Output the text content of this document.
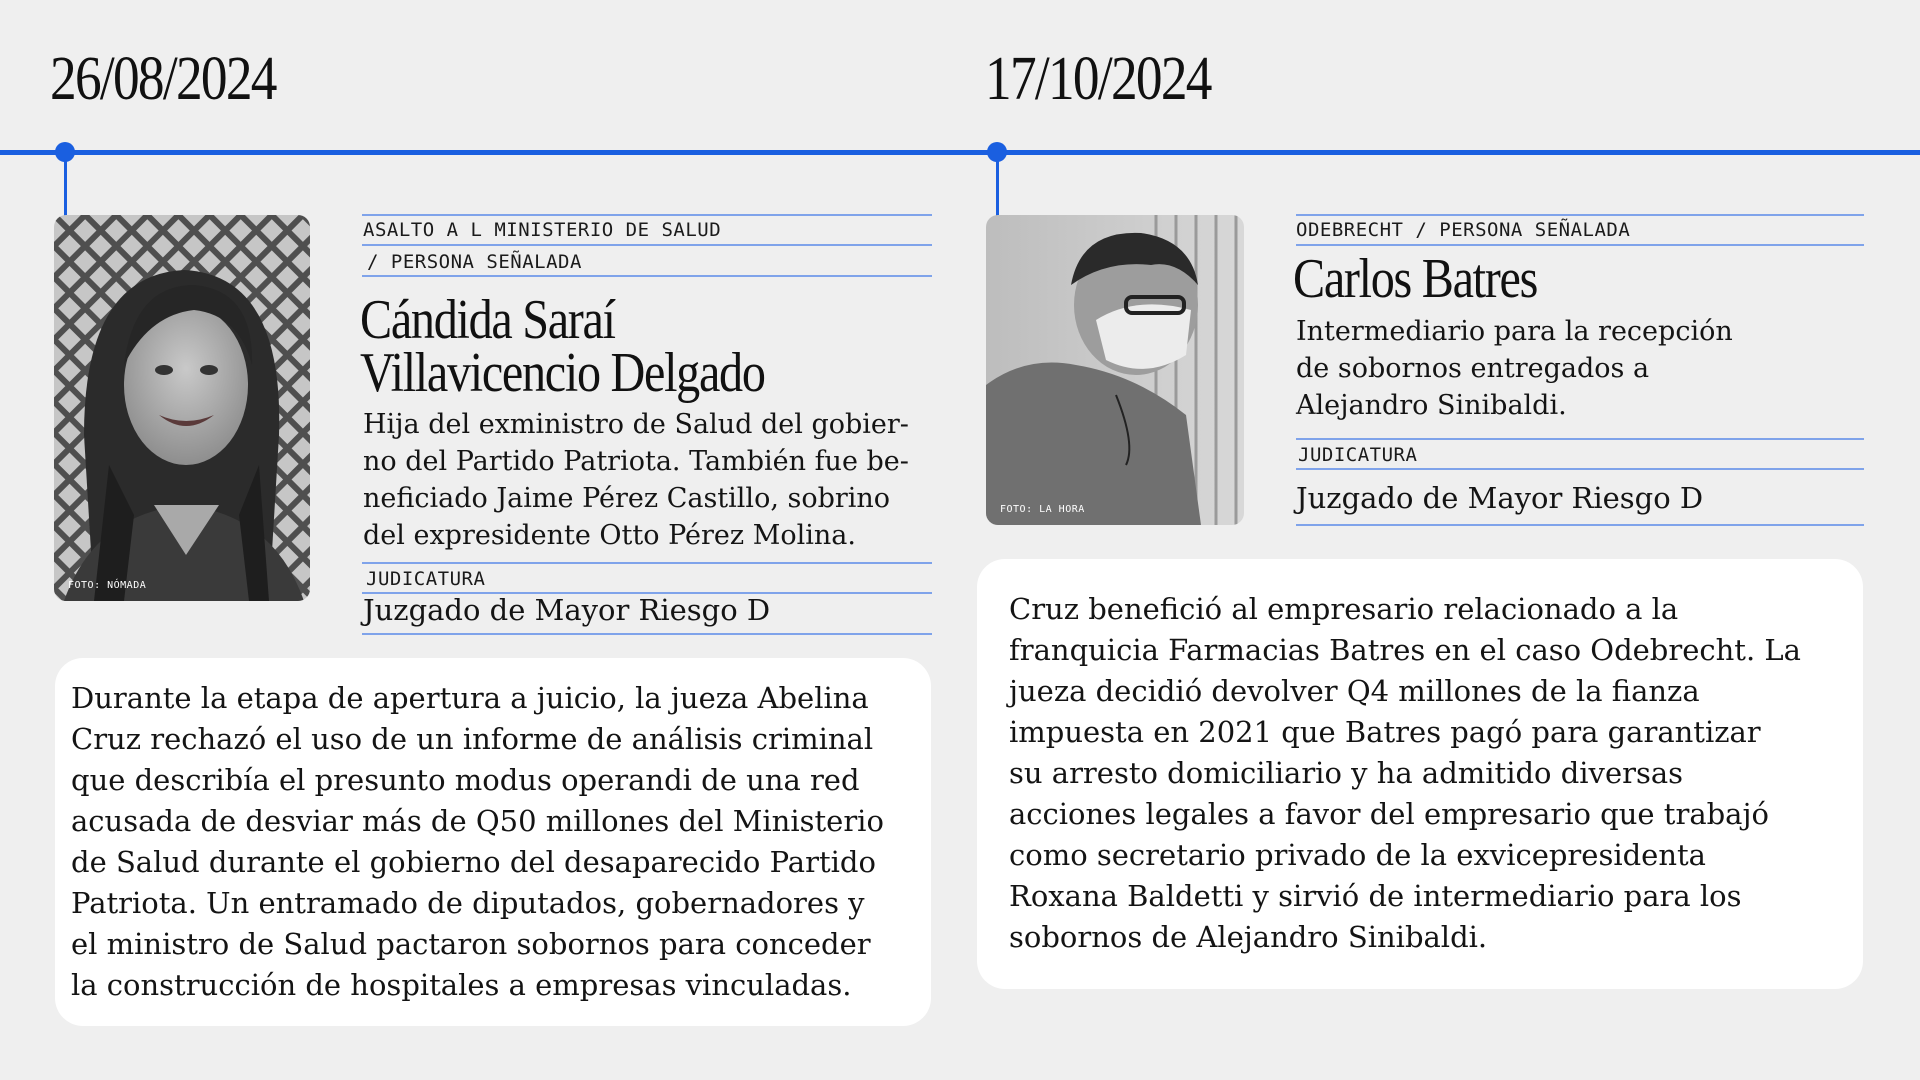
26/08/2024	17/10/2024
FOTO: NÓMADA
ASALTO A L MINISTERIO DE SALUD
/ PERSONA SEÑALADA
Cándida Saraí
Villavicencio Delgado
Hija del exministro de Salud del gobier-
no del Partido Patriota. También fue be-
neficiado Jaime Pérez Castillo, sobrino
del expresidente Otto Pérez Molina.
JUDICATURA
Juzgado de Mayor Riesgo D

Durante la etapa de apertura a juicio, la jueza Abelina

Cruz rechazó el uso de un informe de análisis criminal

que describía el presunto modus operandi de una red

acusada de desviar más de Q50 millones del Ministerio

de Salud durante el gobierno del desaparecido Partido

Patriota. Un entramado de diputados, gobernadores y

el ministro de Salud pactaron sobornos para conceder

la construcción de hospitales a empresas vinculadas.

FOTO: LA HORA
ODEBRECHT / PERSONA SEÑALADA
Carlos Batres
Intermediario para la recepción
de sobornos entregados a
Alejandro Sinibaldi.
JUDICATURA
Juzgado de Mayor Riesgo D

Cruz benefició al empresario relacionado a la

franquicia Farmacias Batres en el caso Odebrecht. La

jueza decidió devolver Q4 millones de la fianza

impuesta en 2021 que Batres pagó para garantizar

su arresto domiciliario y ha admitido diversas

acciones legales a favor del empresario que trabajó

como secretario privado de la exvicepresidenta

Roxana Baldetti y sirvió de intermediario para los

sobornos de Alejandro Sinibaldi.
